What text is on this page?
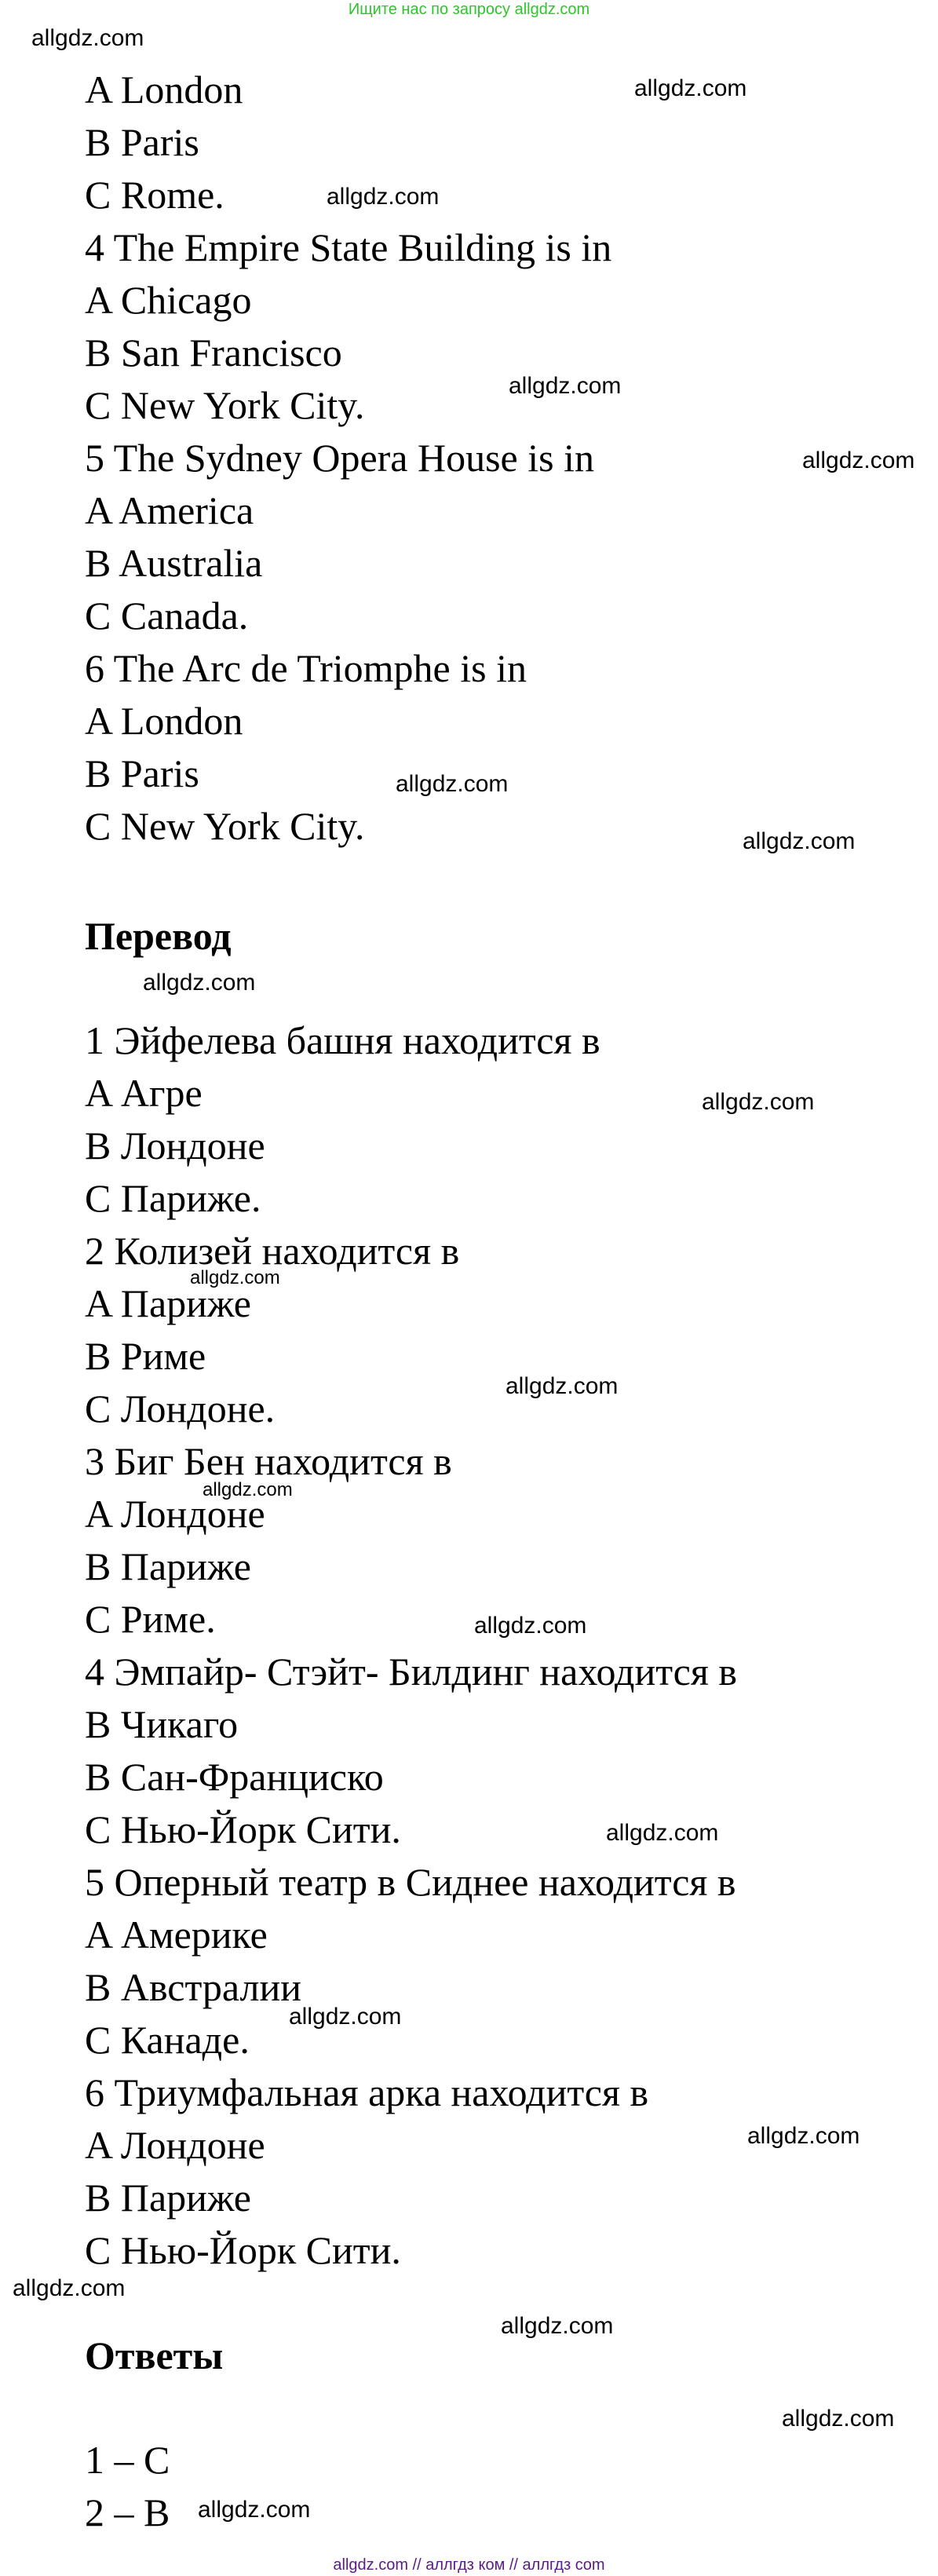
Ищите нас по запросу allgdz.com
A London
B Paris
C Rome.
4 The Empire State Building is in
A Chicago
B San Francisco
C New York City.
5 The Sydney Opera House is in
A America
B Australia
C Canada.
6 The Arc de Triomphe is in
A London
B Paris
C New York City.
Перевод
1 Эйфелева башня находится в
A Агре
B Лондоне
C Париже.
2 Колизей находится в
A Париже
B Риме
C Лондоне.
3 Биг Бен находится в
A Лондоне
B Париже
C Риме.
4 Эмпайр- Стэйт- Билдинг находится в
B Чикаго
B Сан-Франциско
C Нью-Йорк Сити.
5 Оперный театр в Сиднее находится в
A Америке
B Австралии
C Канаде.
6 Триумфальная арка находится в
A Лондоне
B Париже
C Нью-Йорк Сити.
Ответы
1 – C
2 – B
allgdz.com
allgdz.com
allgdz.com
allgdz.com
allgdz.com
allgdz.com
allgdz.com
allgdz.com
allgdz.com
allgdz.com
allgdz.com
allgdz.com
allgdz.com
allgdz.com
allgdz.com
allgdz.com
allgdz.com
allgdz.com
allgdz.com
allgdz.com
allgdz.com // аллгдз ком // аллгдз com
